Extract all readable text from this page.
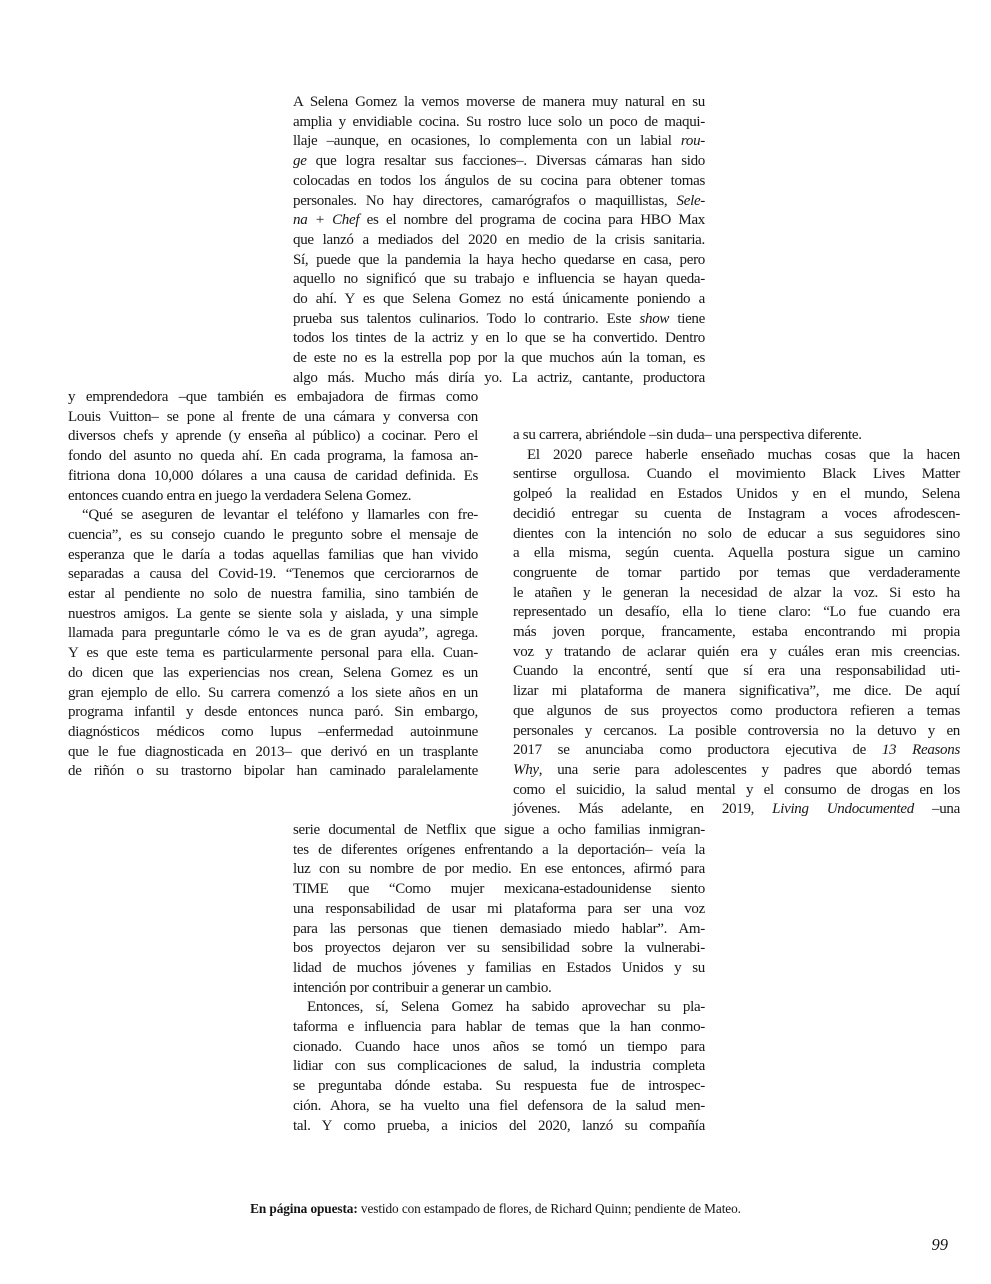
A Selena Gomez la vemos moverse de manera muy natural en su
amplia y envidiable cocina. Su rostro luce solo un poco de maqui-
llaje –aunque, en ocasiones, lo complementa con un labial rou-
ge que logra resaltar sus facciones–. Diversas cámaras han sido
colocadas en todos los ángulos de su cocina para obtener tomas
personales. No hay directores, camarógrafos o maquillistas, Sele-
na + Chef es el nombre del programa de cocina para HBO Max
que lanzó a mediados del 2020 en medio de la crisis sanitaria.
Sí, puede que la pandemia la haya hecho quedarse en casa, pero
aquello no significó que su trabajo e influencia se hayan queda-
do ahí. Y es que Selena Gomez no está únicamente poniendo a
prueba sus talentos culinarios. Todo lo contrario. Este show tiene
todos los tintes de la actriz y en lo que se ha convertido. Dentro
de este no es la estrella pop por la que muchos aún la toman, es
algo más. Mucho más diría yo. La actriz, cantante, productora
y emprendedora –que también es embajadora de firmas como
Louis Vuitton– se pone al frente de una cámara y conversa con
diversos chefs y aprende (y enseña al público) a cocinar. Pero el
fondo del asunto no queda ahí. En cada programa, la famosa an-
fitriona dona 10,000 dólares a una causa de caridad definida. Es
entonces cuando entra en juego la verdadera Selena Gomez.
“Qué se aseguren de levantar el teléfono y llamarles con fre-
cuencia”, es su consejo cuando le pregunto sobre el mensaje de
esperanza que le daría a todas aquellas familias que han vivido
separadas a causa del Covid-19. “Tenemos que cerciorarnos de
estar al pendiente no solo de nuestra familia, sino también de
nuestros amigos. La gente se siente sola y aislada, y una simple
llamada para preguntarle cómo le va es de gran ayuda”, agrega.
Y es que este tema es particularmente personal para ella. Cuan-
do dicen que las experiencias nos crean, Selena Gomez es un
gran ejemplo de ello. Su carrera comenzó a los siete años en un
programa infantil y desde entonces nunca paró. Sin embargo,
diagnósticos médicos como lupus –enfermedad autoinmune
que le fue diagnosticada en 2013– que derivó en un trasplante
de riñón o su trastorno bipolar han caminado paralelamente
a su carrera, abriéndole –sin duda– una perspectiva diferente.
El 2020 parece haberle enseñado muchas cosas que la hacen
sentirse orgullosa. Cuando el movimiento Black Lives Matter
golpeó la realidad en Estados Unidos y en el mundo, Selena
decidió entregar su cuenta de Instagram a voces afrodescen-
dientes con la intención no solo de educar a sus seguidores sino
a ella misma, según cuenta. Aquella postura sigue un camino
congruente de tomar partido por temas que verdaderamente
le atañen y le generan la necesidad de alzar la voz. Si esto ha
representado un desafío, ella lo tiene claro: “Lo fue cuando era
más joven porque, francamente, estaba encontrando mi propia
voz y tratando de aclarar quién era y cuáles eran mis creencias.
Cuando la encontré, sentí que sí era una responsabilidad uti-
lizar mi plataforma de manera significativa”, me dice. De aquí
que algunos de sus proyectos como productora refieren a temas
personales y cercanos. La posible controversia no la detuvo y en
2017 se anunciaba como productora ejecutiva de 13 Reasons
Why, una serie para adolescentes y padres que abordó temas
como el suicidio, la salud mental y el consumo de drogas en los
jóvenes. Más adelante, en 2019, Living Undocumented –una
serie documental de Netflix que sigue a ocho familias inmigran-
tes de diferentes orígenes enfrentando a la deportación– veía la
luz con su nombre de por medio. En ese entonces, afirmó para
TIME que “Como mujer mexicana-estadounidense siento
una responsabilidad de usar mi plataforma para ser una voz
para las personas que tienen demasiado miedo hablar”. Am-
bos proyectos dejaron ver su sensibilidad sobre la vulnerabi-
lidad de muchos jóvenes y familias en Estados Unidos y su
intención por contribuir a generar un cambio.
Entonces, sí, Selena Gomez ha sabido aprovechar su pla-
taforma e influencia para hablar de temas que la han conmo-
cionado. Cuando hace unos años se tomó un tiempo para
lidiar con sus complicaciones de salud, la industria completa
se preguntaba dónde estaba. Su respuesta fue de introspec-
ción. Ahora, se ha vuelto una fiel defensora de la salud men-
tal. Y como prueba, a inicios del 2020, lanzó su compañía
En página opuesta: vestido con estampado de flores, de Richard Quinn; pendiente de Mateo.
99
